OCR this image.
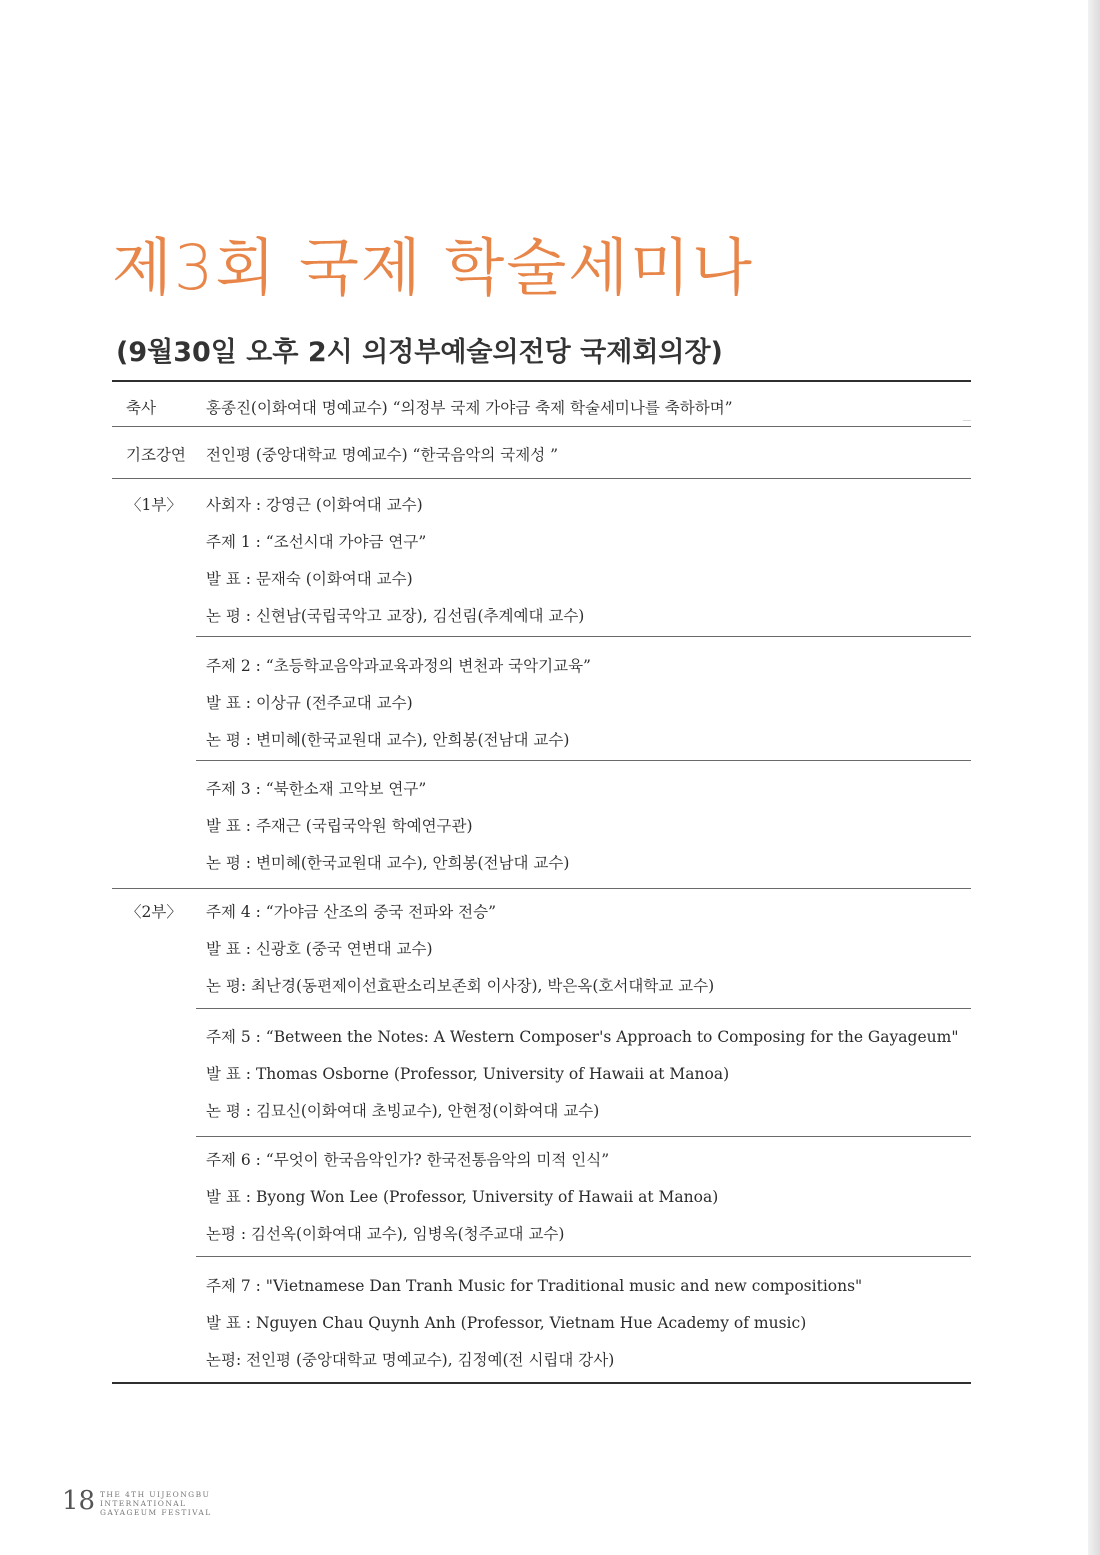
제3회 국제 학술세미나
(9월30일 오후 2시 의정부예술의전당 국제회의장)
축사	홍종진(이화여대 명예교수) “의정부 국제 가야금 축제 학술세미나를 축하하며”
기조강연 전인평 (중앙대학교 명예교수) “한국음악의 국제성 ”
〈1부〉 사회자 : 강영근 (이화여대 교수)
주제 1 : “조선시대 가야금 연구”
발 표 : 문재숙 (이화여대 교수)
논 평 : 신현남(국립국악고 교장), 김선림(추계예대 교수)
주제 2 : “초등학교음악과교육과정의 변천과 국악기교육”
발 표 : 이상규 (전주교대 교수)
논 평 : 변미혜(한국교원대 교수), 안희봉(전남대 교수)
주제 3 : “북한소재 고악보 연구”
발 표 : 주재근 (국립국악원 학예연구관)
논 평 : 변미혜(한국교원대 교수), 안희봉(전남대 교수)
〈2부〉 주제 4 : “가야금 산조의 중국 전파와 전승”
발 표 : 신광호 (중국 연변대 교수)
논 평: 최난경(동편제이선효판소리보존회 이사장), 박은옥(호서대학교 교수)
주제 5 : “Between the Notes: A Western Composer's Approach to Composing for the Gayageum"
발 표 : Thomas Osborne (Professor, University of Hawaii at Manoa)
논 평 : 김묘신(이화여대 초빙교수), 안현정(이화여대 교수)
주제 6 : “무엇이 한국음악인가? 한국전통음악의 미적 인식”
발 표 : Byong Won Lee (Professor, University of Hawaii at Manoa)
논평 : 김선옥(이화여대 교수), 임병옥(청주교대 교수)
주제 7 : "Vietnamese Dan Tranh Music for Traditional music and new compositions"
발 표 : Nguyen Chau Quynh Anh (Professor, Vietnam Hue Academy of music)
논평: 전인평 (중앙대학교 명예교수), 김정예(전 시립대 강사)
18 THE 4TH UIJEONGBU
INTERNATIONAL
GAYAGEUM FESTIVAL
